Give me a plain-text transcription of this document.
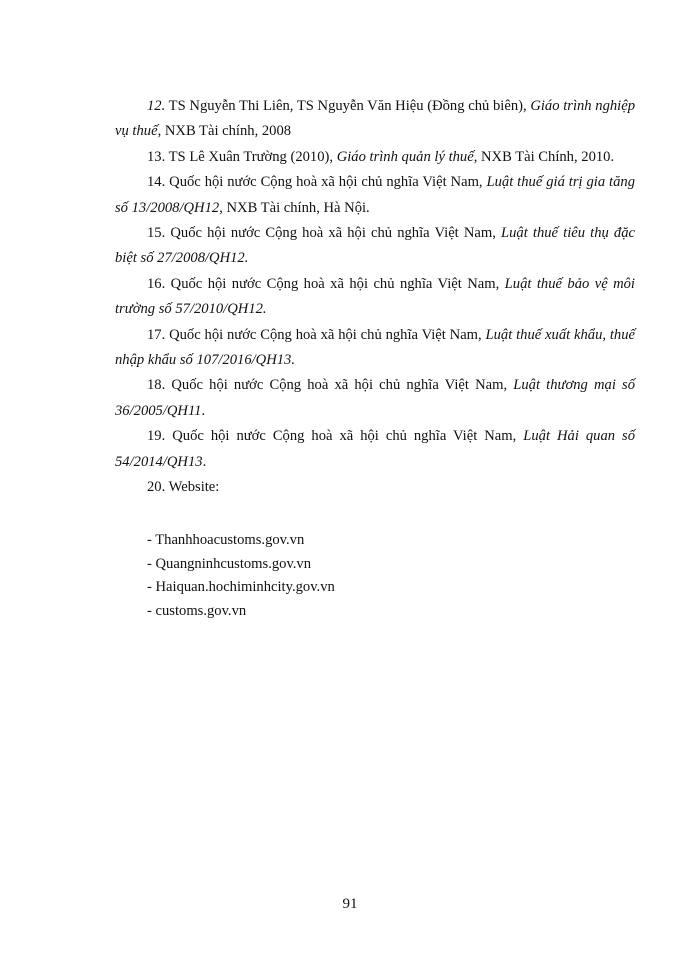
12. TS Nguyễn Thi Liên, TS Nguyễn Văn Hiệu (Đồng chủ biên), Giáo trình nghiệp vụ thuế, NXB Tài chính, 2008

13. TS Lê Xuân Trường (2010), Giáo trình quản lý thuế, NXB Tài Chính, 2010.

14. Quốc hội nước Cộng hoà xã hội chủ nghĩa Việt Nam, Luật thuế giá trị gia tăng số 13/2008/QH12, NXB Tài chính, Hà Nội.

15. Quốc hội nước Cộng hoà xã hội chủ nghĩa Việt Nam, Luật thuế tiêu thụ đặc biệt số 27/2008/QH12.

16. Quốc hội nước Cộng hoà xã hội chủ nghĩa Việt Nam, Luật thuế bảo vệ môi trường số 57/2010/QH12.

17. Quốc hội nước Cộng hoà xã hội chủ nghĩa Việt Nam, Luật thuế xuất khẩu, thuế nhập khẩu số 107/2016/QH13.

18. Quốc hội nước Cộng hoà xã hội chủ nghĩa Việt Nam, Luật thương mại số 36/2005/QH11.

19. Quốc hội nước Cộng hoà xã hội chủ nghĩa Việt Nam, Luật Hải quan số 54/2014/QH13.

20. Website:

- Thanhhoacustoms.gov.vn

- Quangninhcustoms.gov.vn

- Haiquan.hochiminhcity.gov.vn

- customs.gov.vn

91
